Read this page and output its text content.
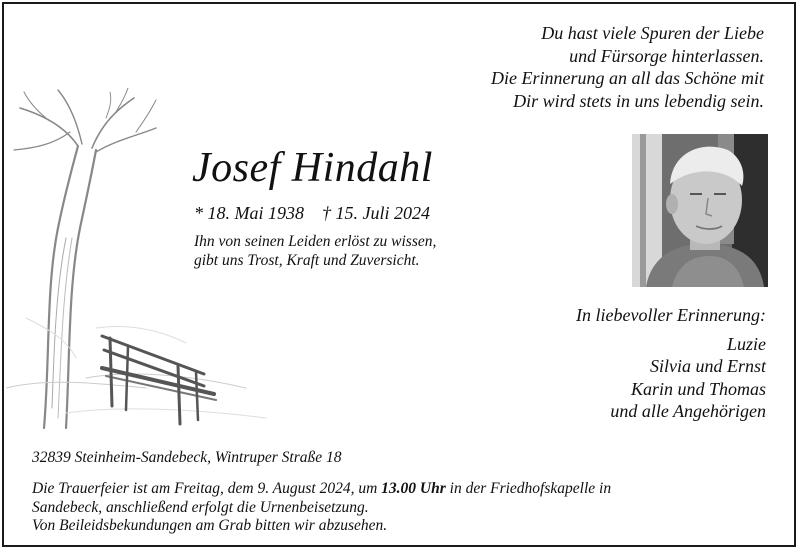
Du hast viele Spuren der Liebe
und Fürsorge hinterlassen.
Die Erinnerung an all das Schöne mit
Dir wird stets in uns lebendig sein.
Josef Hindahl
* 18. Mai 1938 † 15. Juli 2024
Ihn von seinen Leiden erlöst zu wissen,
gibt uns Trost, Kraft und Zuversicht.
In liebevoller Erinnerung:
Luzie
Silvia und Ernst
Karin und Thomas
und alle Angehörigen
32839 Steinheim-Sandebeck, Wintruper Straße 18
Die Trauerfeier ist am Freitag, dem 9. August 2024, um 13.00 Uhr in der Friedhofskapelle in
Sandebeck, anschließend erfolgt die Urnenbeisetzung.
Von Beileidsbekundungen am Grab bitten wir abzusehen.
